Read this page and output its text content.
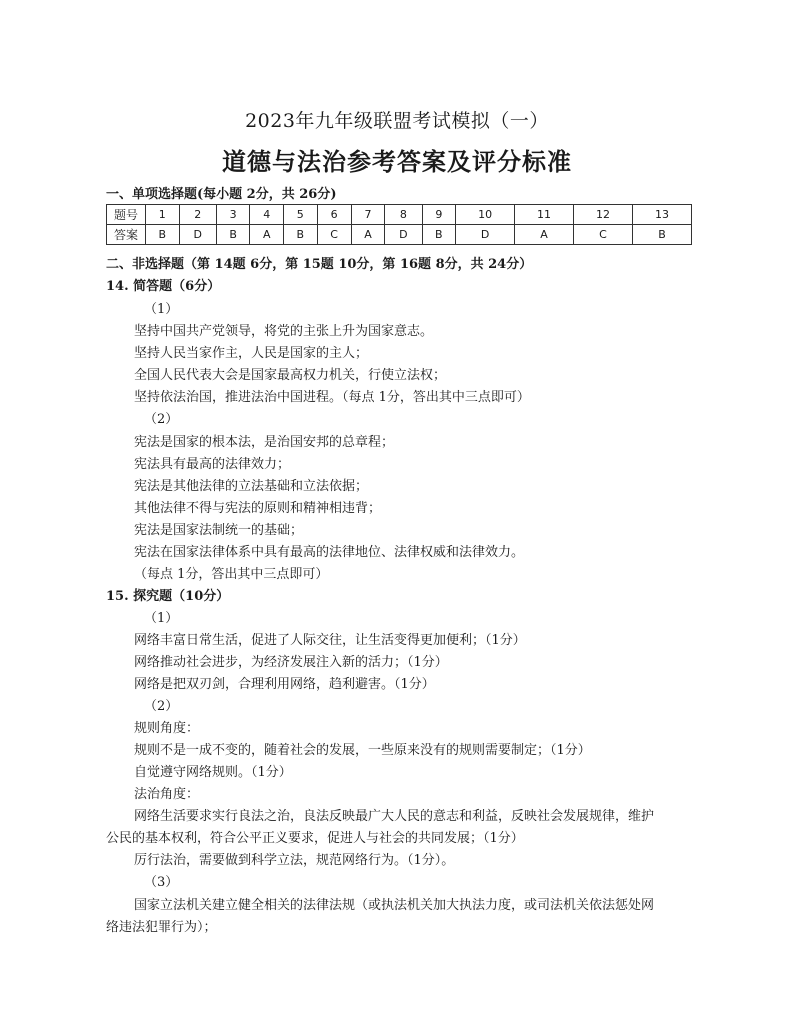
2023年九年级联盟考试模拟（一）
道德与法治参考答案及评分标准
一、单项选择题(每小题 2分，共 26分)
题号	1	2	3	4	5	6	7	8	9	10	11	12	13
答案	B	D	B	A	B	C	A	D	B	D	A	C	B
二、非选择题（第 14题 6分，第 15题 10分，第 16题 8分，共 24分）
14. 简答题（6分）
（1）
坚持中国共产党领导，将党的主张上升为国家意志。
坚持人民当家作主，人民是国家的主人；
全国人民代表大会是国家最高权力机关，行使立法权；
坚持依法治国，推进法治中国进程。（每点 1分，答出其中三点即可）
（2）
宪法是国家的根本法，是治国安邦的总章程；
宪法具有最高的法律效力；
宪法是其他法律的立法基础和立法依据；
其他法律不得与宪法的原则和精神相违背；
宪法是国家法制统一的基础；
宪法在国家法律体系中具有最高的法律地位、法律权威和法律效力。
（每点 1分，答出其中三点即可）
15. 探究题（10分）
（1）
网络丰富日常生活，促进了人际交往，让生活变得更加便利；（1分）
网络推动社会进步，为经济发展注入新的活力；（1分）
网络是把双刃剑，合理利用网络，趋利避害。（1分）
（2）
规则角度：
规则不是一成不变的，随着社会的发展，一些原来没有的规则需要制定；（1分）
自觉遵守网络规则。（1分）
法治角度：
网络生活要求实行良法之治，良法反映最广大人民的意志和利益，反映社会发展规律，维护
公民的基本权利，符合公平正义要求，促进人与社会的共同发展；（1分）
厉行法治，需要做到科学立法，规范网络行为。（1分）。
（3）
国家立法机关建立健全相关的法律法规（或执法机关加大执法力度，或司法机关依法惩处网
络违法犯罪行为）；
